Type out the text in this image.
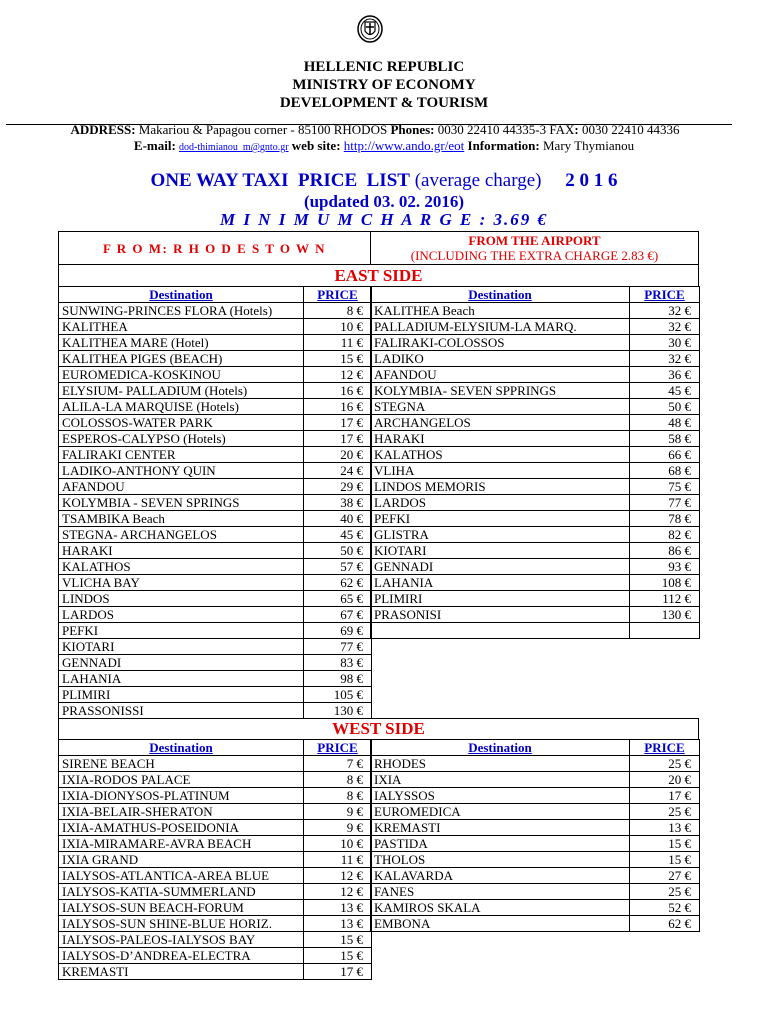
HELLENIC REPUBLIC
MINISTRY OF ECONOMY
DEVELOPMENT & TOURISM
ADDRESS: Makariou & Papagou corner - 85100 RHODOS Phones: 0030 22410 44335-3 FAX: 0030 22410 44336
E-mail: dod-thimianou_m@gnto.gr web site: http://www.ando.gr/eot Information: Mary Thymianou
ONE WAY TAXI  PRICE  LIST (average charge)     2 0 1 6
(updated 03. 02. 2016)
M I N I M U M C H A R G E : 3.69 €
F R O M: R H O D E S T O W N
FROM THE AIRPORT
(INCLUDING THE EXTRA CHARGE 2.83 €)
EAST SIDE
Destination	PRICE
SUNWING-PRINCES FLORA (Hotels)	8 €
KALITHEA	10 €
KALITHEA MARE (Hotel)	11 €
KALITHEA PIGES (BEACH)	15 €
EUROMEDICA-KOSKINOU	12 €
ELYSIUM- PALLADIUM (Hotels)	16 €
ALILA-LA MARQUISE (Hotels)	16 €
COLOSSOS-WATER PARK	17 €
ESPEROS-CALYPSO (Hotels)	17 €
FALIRAKI CENTER	20 €
LADIKO-ANTHONY QUIN	24 €
AFANDOU	29 €
KOLYMBIA - SEVEN SPRINGS	38 €
TSAMBIKA Beach	40 €
STEGNA- ARCHANGELOS	45 €
HARAKI	50 €
KALATHOS	57 €
VLICHA BAY	62 €
LINDOS	65 €
LARDOS	67 €
PEFKI	69 €
KIOTARI	77 €
GENNADI	83 €
LAHANIA	98 €
PLIMIRI	105 €
PRASSONISSI	130 €
Destination	PRICE
KALITHEA Beach	32 €
PALLADIUM-ELYSIUM-LA MARQ.	32 €
FALIRAKI-COLOSSOS	30 €
LADIKO	32 €
AFANDOU	36 €
KOLYMBIA- SEVEN SPPRINGS	45 €
STEGNA	50 €
ARCHANGELOS	48 €
HARAKI	58 €
KALATHOS	66 €
VLIHA	68 €
LINDOS MEMORIS	75 €
LARDOS	77 €
PEFKI	78 €
GLISTRA	82 €
KIOTARI	86 €
GENNADI	93 €
LAHANIA	108 €
PLIMIRI	112 €
PRASONISI	130 €

WEST SIDE
Destination	PRICE
SIRENE BEACH	7 €
IXIA-RODOS PALACE	8 €
IXIA-DIONYSOS-PLATINUM	8 €
IXIA-BELAIR-SHERATON	9 €
IXIA-AMATHUS-POSEIDONIA	9 €
IXIA-MIRAMARE-AVRA BEACH	10 €
IXIA GRAND	11 €
IALYSOS-ATLANTICA-AREA BLUE	12 €
IALYSOS-KATIA-SUMMERLAND	12 €
IALYSOS-SUN BEACH-FORUM	13 €
IALYSOS-SUN SHINE-BLUE HORIZ.	13 €
IALYSOS-PALEOS-IALYSOS BAY	15 €
IALYSOS-D’ANDREA-ELECTRA	15 €
KREMASTI	17 €
Destination	PRICE
RHODES	25 €
IXIA	20 €
IALYSSOS	17 €
EUROMEDICA	25 €
KREMASTI	13 €
PASTIDA	15 €
THOLOS	15 €
KALAVARDA	27 €
FANES	25 €
KAMIROS SKALA	52 €
EMBONA	62 €
